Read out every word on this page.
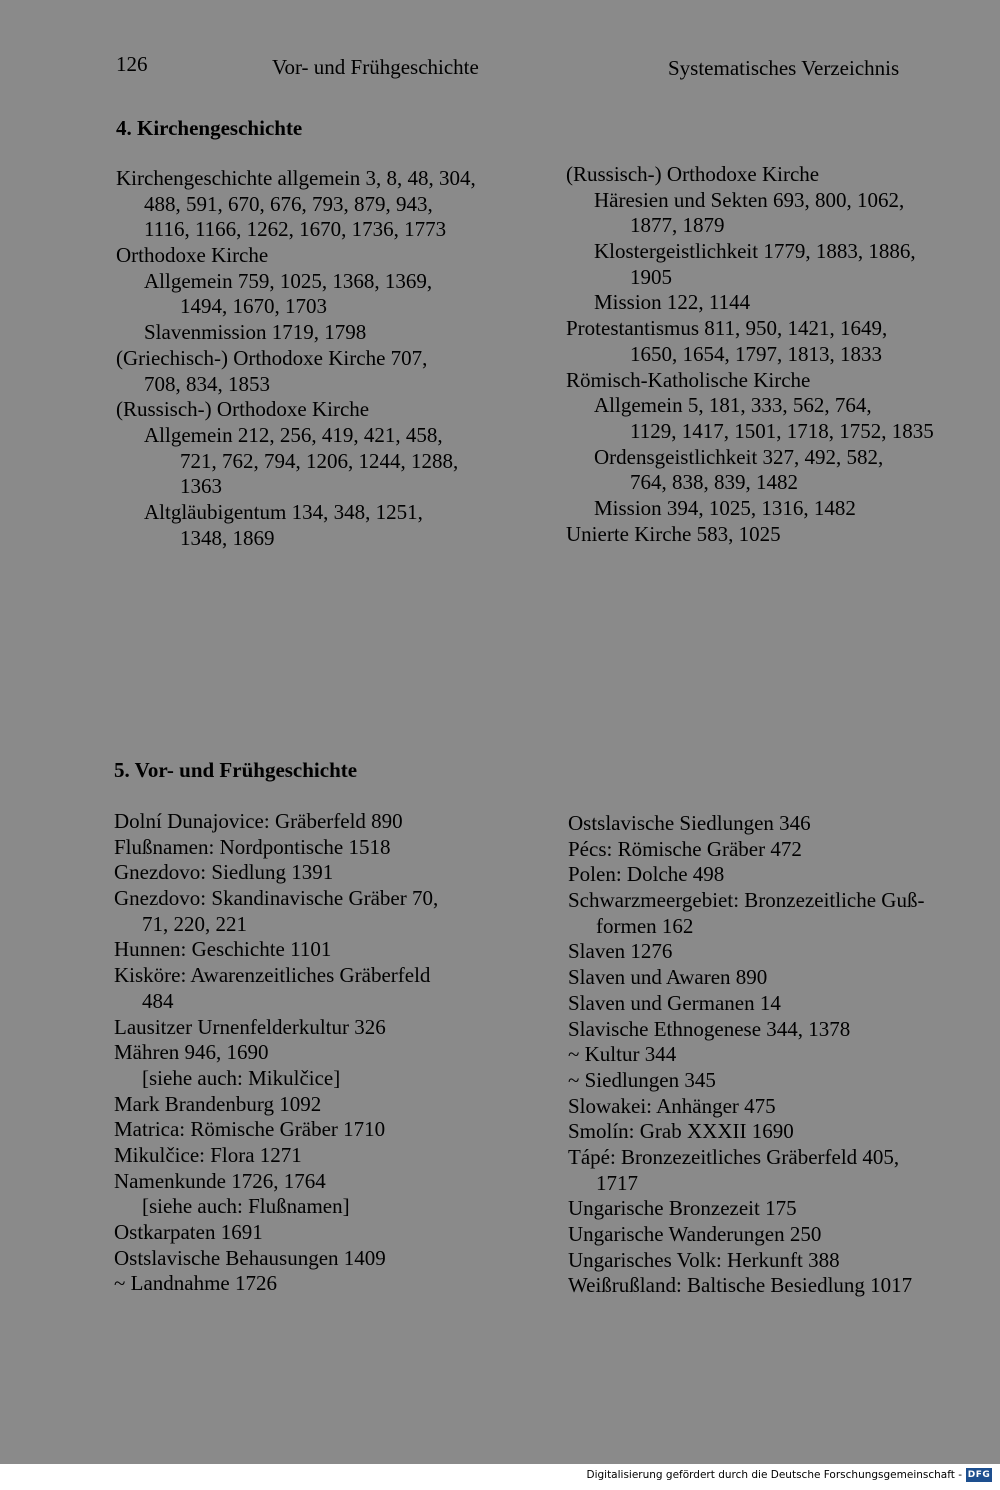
126	Vor- und Frühgeschichte	Systematisches Verzeichnis
4. Kirchengeschichte
Kirchengeschichte allgemein 3, 8, 48, 304,
488, 591, 670, 676, 793, 879, 943,
1116, 1166, 1262, 1670, 1736, 1773
Orthodoxe Kirche
Allgemein 759, 1025, 1368, 1369,
1494, 1670, 1703
Slavenmission 1719, 1798
(Griechisch-) Orthodoxe Kirche 707,
708, 834, 1853
(Russisch-) Orthodoxe Kirche
Allgemein 212, 256, 419, 421, 458,
721, 762, 794, 1206, 1244, 1288,
1363
Altgläubigentum 134, 348, 1251,
1348, 1869
(Russisch-) Orthodoxe Kirche
Häresien und Sekten 693, 800, 1062,
1877, 1879
Klostergeistlichkeit 1779, 1883, 1886,
1905
Mission 122, 1144
Protestantismus 811, 950, 1421, 1649,
1650, 1654, 1797, 1813, 1833
Römisch-Katholische Kirche
Allgemein 5, 181, 333, 562, 764,
1129, 1417, 1501, 1718, 1752, 1835
Ordensgeistlichkeit 327, 492, 582,
764, 838, 839, 1482
Mission 394, 1025, 1316, 1482
Unierte Kirche 583, 1025
5. Vor- und Frühgeschichte
Dolní Dunajovice: Gräberfeld 890
Flußnamen: Nordpontische 1518
Gnezdovo: Siedlung 1391
Gnezdovo: Skandinavische Gräber 70,
71, 220, 221
Hunnen: Geschichte 1101
Kisköre: Awarenzeitliches Gräberfeld
484
Lausitzer Urnenfelderkultur 326
Mähren 946, 1690
[siehe auch: Mikulčice]
Mark Brandenburg 1092
Matrica: Römische Gräber 1710
Mikulčice: Flora 1271
Namenkunde 1726, 1764
[siehe auch: Flußnamen]
Ostkarpaten 1691
Ostslavische Behausungen 1409
~ Landnahme 1726
Ostslavische Siedlungen 346
Pécs: Römische Gräber 472
Polen: Dolche 498
Schwarzmeergebiet: Bronzezeitliche Guß-
formen 162
Slaven 1276
Slaven und Awaren 890
Slaven und Germanen 14
Slavische Ethnogenese 344, 1378
~ Kultur 344
~ Siedlungen 345
Slowakei: Anhänger 475
Smolín: Grab XXXII 1690
Tápé: Bronzezeitliches Gräberfeld 405,
1717
Ungarische Bronzezeit 175
Ungarische Wanderungen 250
Ungarisches Volk: Herkunft 388
Weißrußland: Baltische Besiedlung 1017
Digitalisierung gefördert durch die Deutsche Forschungsgemeinschaft - DFG
